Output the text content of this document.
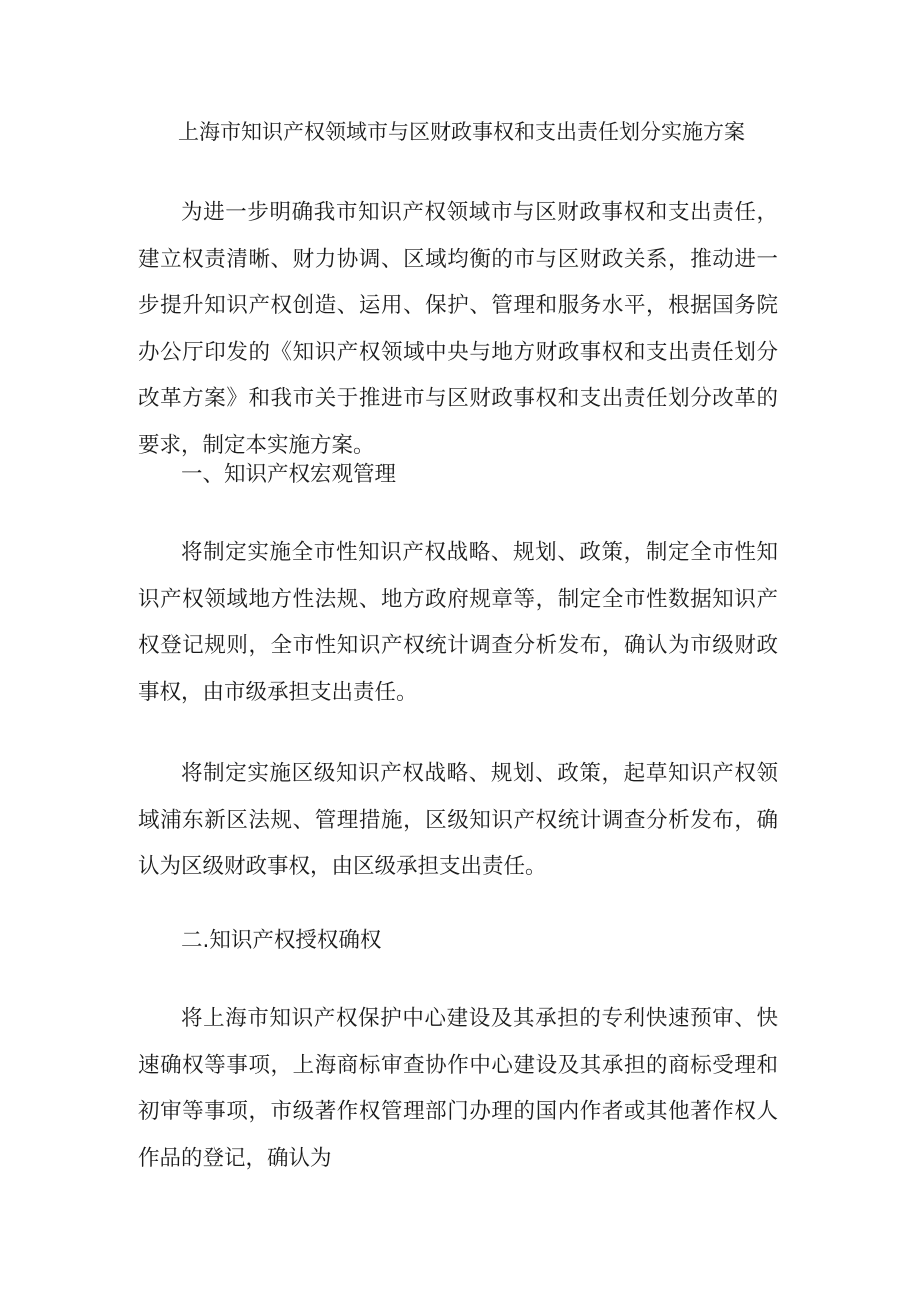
上海市知识产权领域市与区财政事权和支出责任划分实施方案

为进一步明确我市知识产权领域市与区财政事权和支出责任，建立权责清晰、财力协调、区域均衡的市与区财政关系，推动进一步提升知识产权创造、运用、保护、管理和服务水平，根据国务院办公厅印发的《知识产权领域中央与地方财政事权和支出责任划分改革方案》和我市关于推进市与区财政事权和支出责任划分改革的要求，制定本实施方案。

一、知识产权宏观管理

将制定实施全市性知识产权战略、规划、政策，制定全市性知识产权领域地方性法规、地方政府规章等，制定全市性数据知识产权登记规则，全市性知识产权统计调查分析发布，确认为市级财政事权，由市级承担支出责任。

将制定实施区级知识产权战略、规划、政策，起草知识产权领域浦东新区法规、管理措施，区级知识产权统计调查分析发布，确认为区级财政事权，由区级承担支出责任。

二.知识产权授权确权

将上海市知识产权保护中心建设及其承担的专利快速预审、快速确权等事项，上海商标审查协作中心建设及其承担的商标受理和初审等事项，市级著作权管理部门办理的国内作者或其他著作权人作品的登记，确认为
